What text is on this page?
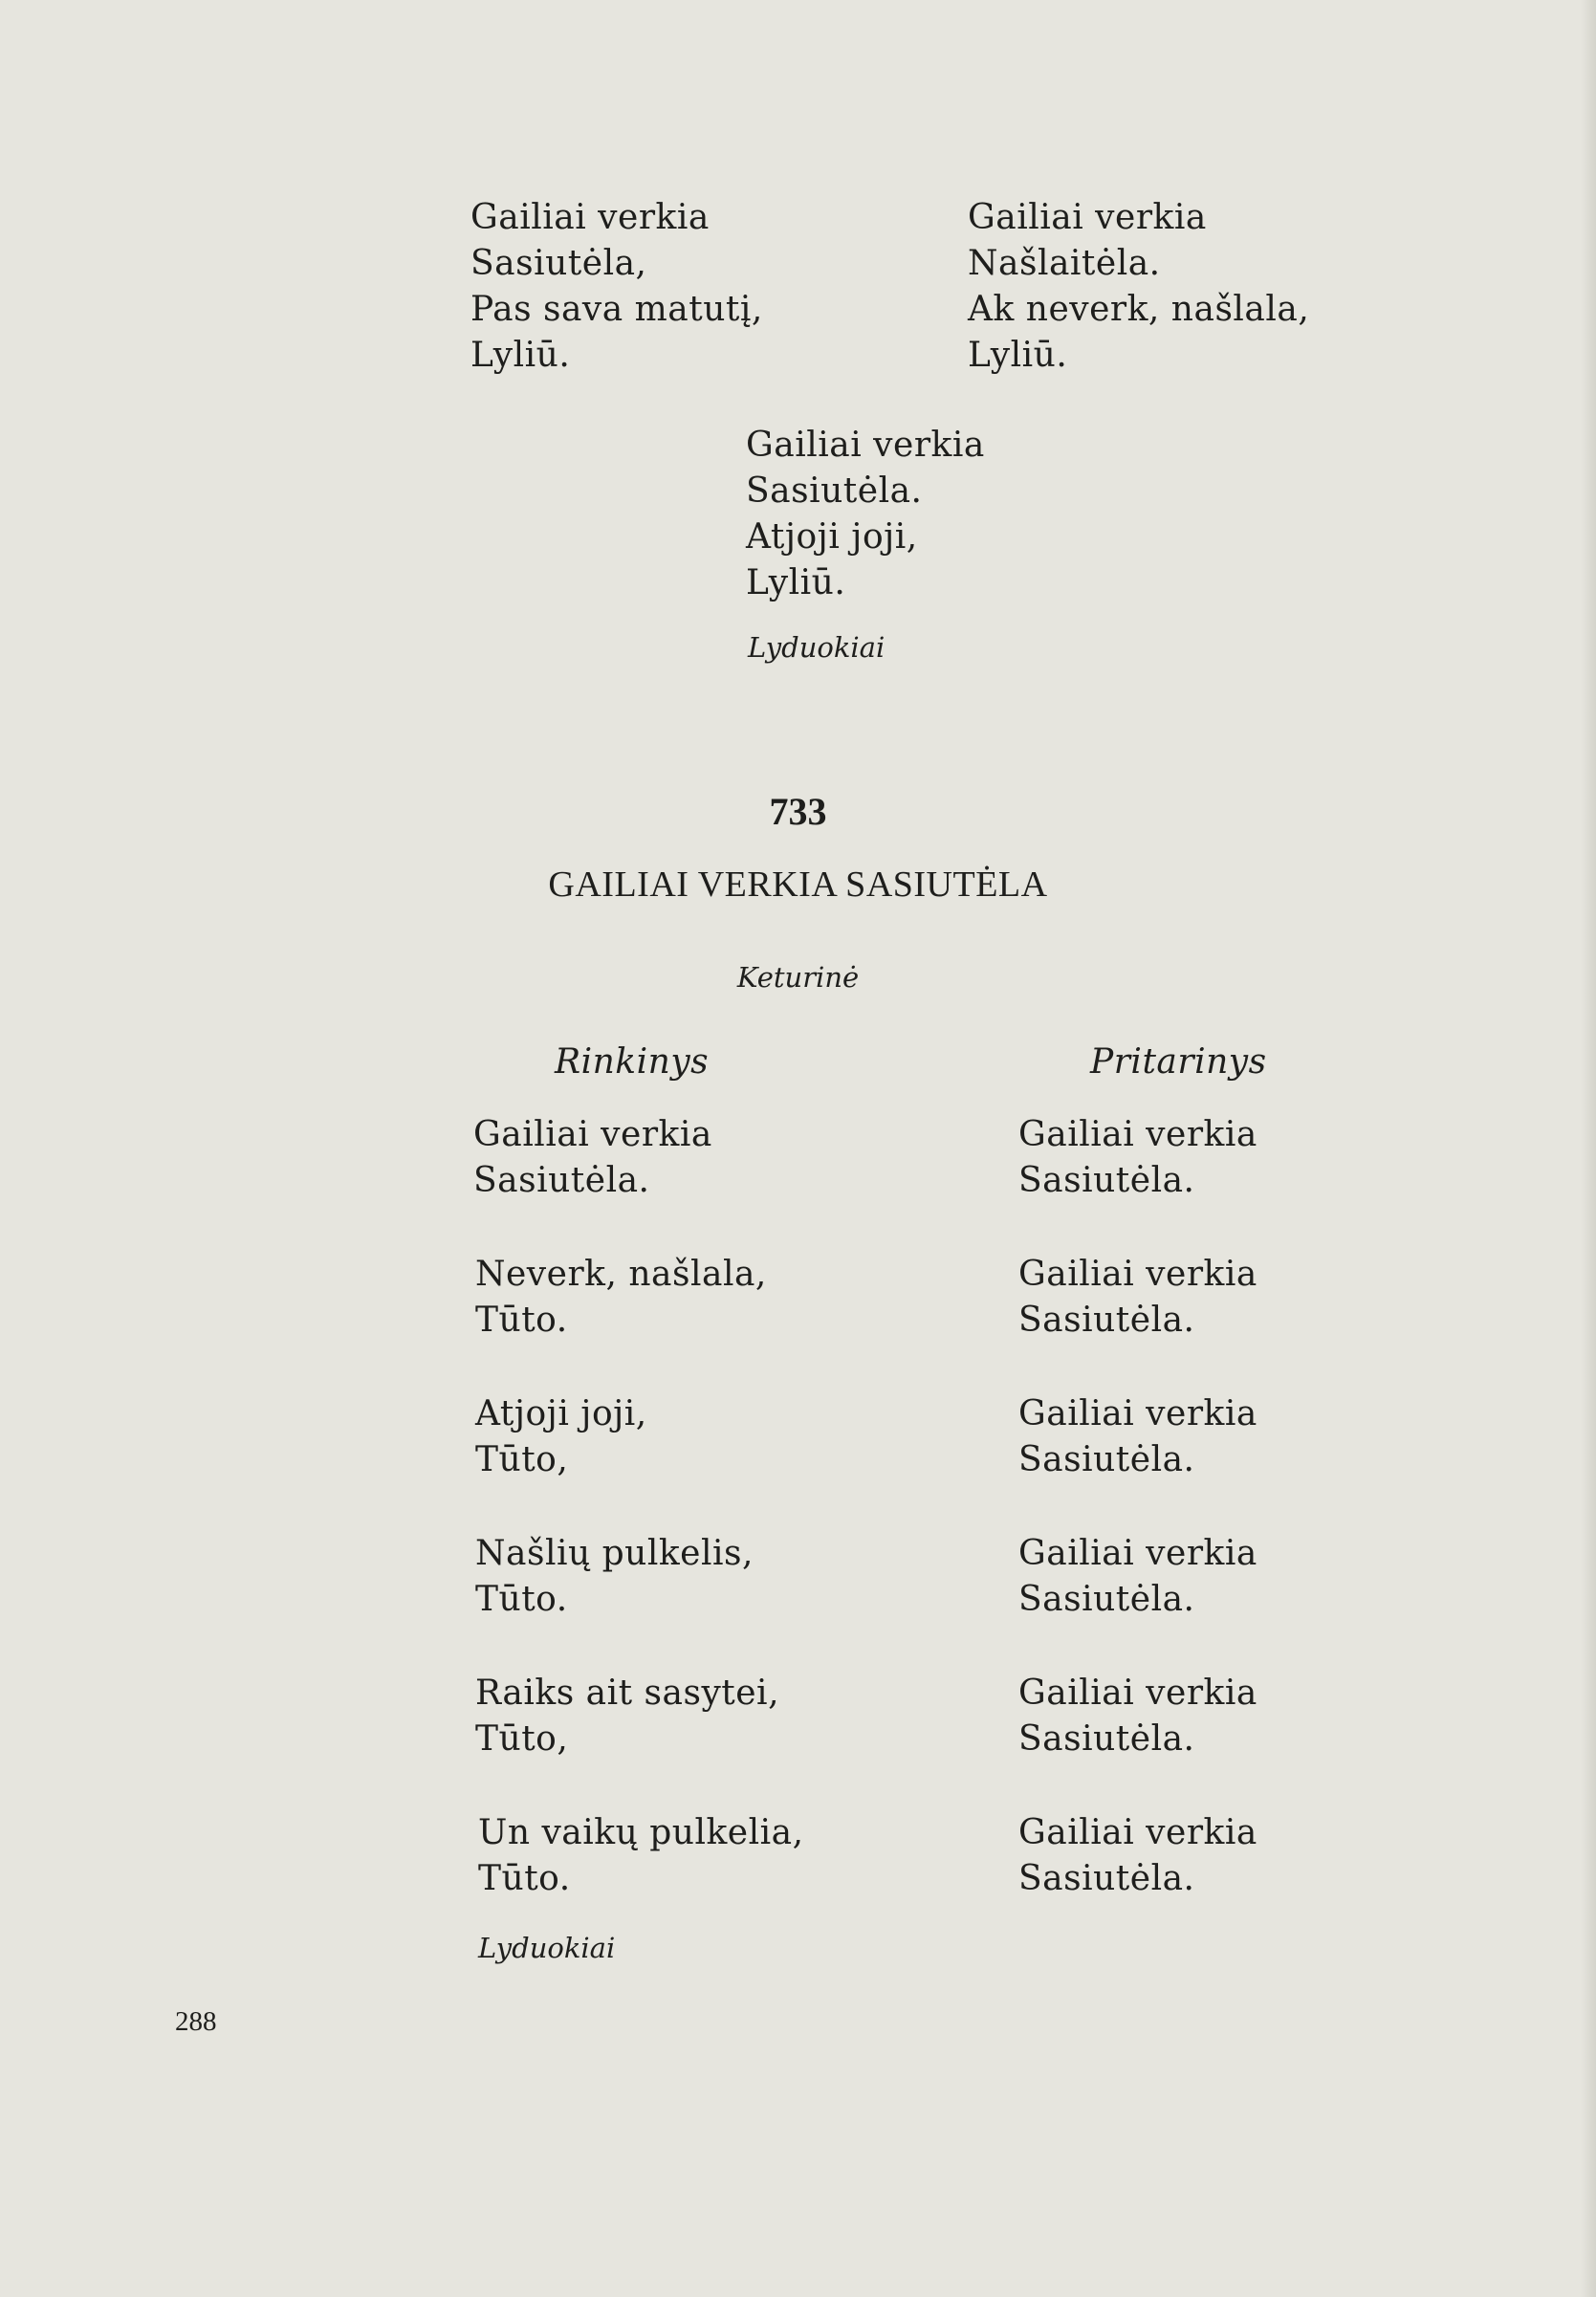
Gailiai verkia
Sasiutėla,
Pas sava matutį,
Lyliū.
Gailiai verkia
Našlaitėla.
Ak neverk, našlala,
Lyliū.
Gailiai verkia
Sasiutėla.
Atjoji joji,
Lyliū.
Lyduokiai
733
GAILIAI VERKIA SASIUTĖLA
Keturinė
Rinkinys	Pritarinys
Gailiai verkia
Sasiutėla.
Gailiai verkia
Sasiutėla.
Neverk, našlala,
Tūto.
Gailiai verkia
Sasiutėla.
Atjoji joji,
Tūto,
Gailiai verkia
Sasiutėla.
Našlių pulkelis,
Tūto.
Gailiai verkia
Sasiutėla.
Raiks ait sasytei,
Tūto,
Gailiai verkia
Sasiutėla.
Un vaikų pulkelia,
Tūto.
Gailiai verkia
Sasiutėla.
Lyduokiai
288
